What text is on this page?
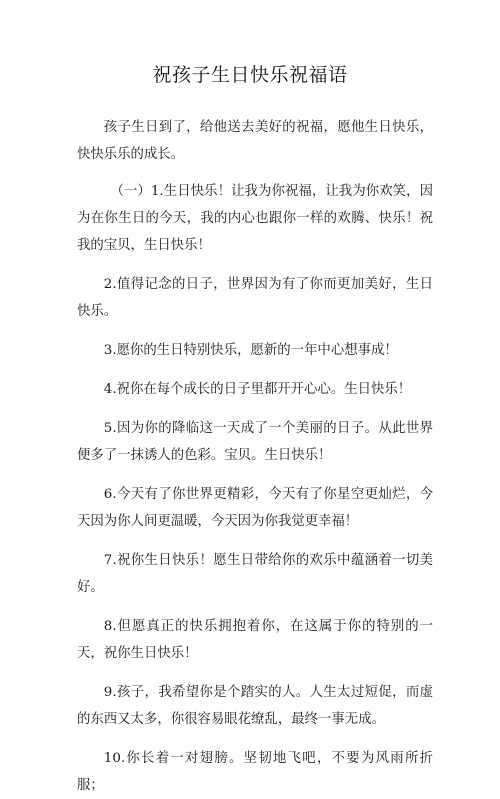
祝孩子生日快乐祝福语

孩子生日到了，给他送去美好的祝福，愿他生日快乐，快快乐乐的成长。

（一）1.生日快乐！让我为你祝福，让我为你欢笑，因为在你生日的今天，我的内心也跟你一样的欢腾、快乐！祝我的宝贝，生日快乐！

2.值得记念的日子，世界因为有了你而更加美好，生日快乐。

3.愿你的生日特别快乐，愿新的一年中心想事成！

4.祝你在每个成长的日子里都开开心心。生日快乐！

5.因为你的降临这一天成了一个美丽的日子。从此世界便多了一抹诱人的色彩。宝贝。生日快乐！

6.今天有了你世界更精彩，今天有了你星空更灿烂，今天因为你人间更温暖，今天因为你我觉更幸福！

7.祝你生日快乐！愿生日带给你的欢乐中蕴涵着一切美好。

8.但愿真正的快乐拥抱着你，在这属于你的特别的一天，祝你生日快乐！

9.孩子，我希望你是个踏实的人。人生太过短促，而虚的东西又太多，你很容易眼花缭乱，最终一事无成。

10.你长着一对翅膀。坚韧地飞吧，不要为风雨所折服；
